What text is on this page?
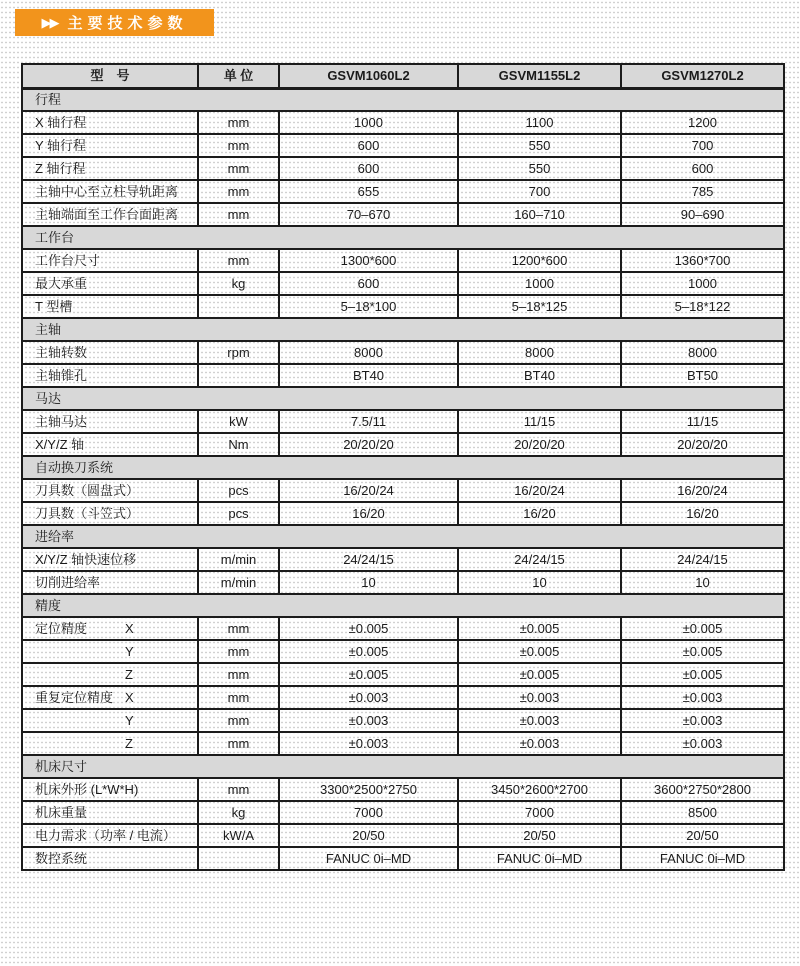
▶▶ 主要技术参数
型　号	单 位	GSVM1060L2	GSVM1155L2	GSVM1270L2
行程				
X 轴行程	mm	1000	1100	1200
Y 轴行程	mm	600	550	700
Z 轴行程	mm	600	550	600
主轴中心至立柱导轨距离	mm	655	700	785
主轴端面至工作台面距离	mm	70–670	160–710	90–690
工作台				
工作台尺寸	mm	1300*600	1200*600	1360*700
最大承重	kg	600	1000	1000
T 型槽		5–18*100	5–18*125	5–18*122
主轴				
主轴转数	rpm	8000	8000	8000
主轴锥孔		BT40	BT40	BT50
马达				
主轴马达	kW	7.5/11	11/15	11/15
X/Y/Z 轴	Nm	20/20/20	20/20/20	20/20/20
自动换刀系统				
刀具数（圆盘式）	pcs	16/20/24	16/20/24	16/20/24
刀具数（斗笠式）	pcs	16/20	16/20	16/20
进给率				
X/Y/Z 轴快速位移	m/min	24/24/15	24/24/15	24/24/15
切削进给率	m/min	10	10	10
精度				
定位精度 X	mm	±0.005	±0.005	±0.005

Y	mm	±0.005	±0.005	±0.005

Z	mm	±0.005	±0.005	±0.005
重复定位精度 X	mm	±0.003	±0.003	±0.003

Y	mm	±0.003	±0.003	±0.003

Z	mm	±0.003	±0.003	±0.003
机床尺寸				
机床外形 (L*W*H)	mm	3300*2500*2750	3450*2600*2700	3600*2750*2800
机床重量	kg	7000	7000	8500
电力需求（功率 / 电流）	kW/A	20/50	20/50	20/50
数控系统		FANUC 0i–MD	FANUC 0i–MD	FANUC 0i–MD
